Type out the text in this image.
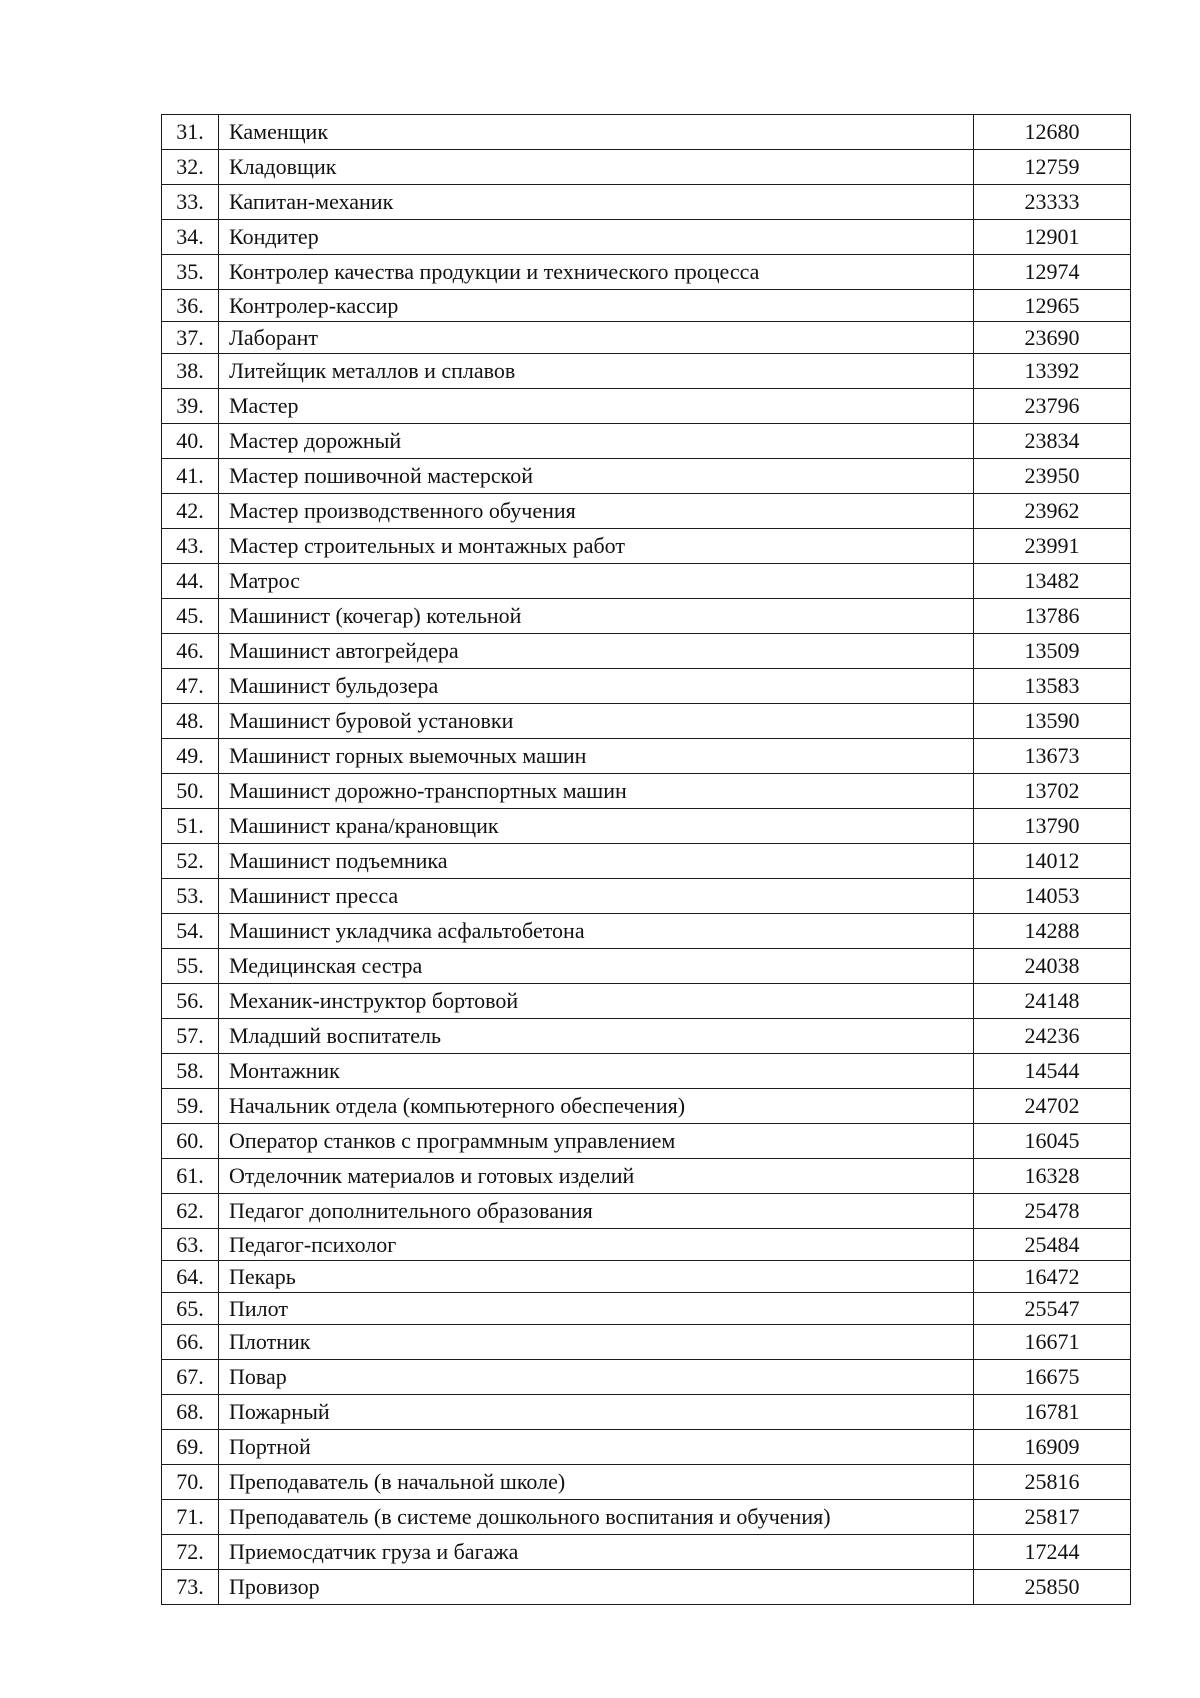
31.	Каменщик	12680
32.	Кладовщик	12759
33.	Капитан-механик	23333
34.	Кондитер	12901
35.	Контролер качества продукции и технического процесса	12974
36.	Контролер-кассир	12965
37.	Лаборант	23690
38.	Литейщик металлов и сплавов	13392
39.	Мастер	23796
40.	Мастер дорожный	23834
41.	Мастер пошивочной мастерской	23950
42.	Мастер производственного обучения	23962
43.	Мастер строительных и монтажных работ	23991
44.	Матрос	13482
45.	Машинист (кочегар) котельной	13786
46.	Машинист автогрейдера	13509
47.	Машинист бульдозера	13583
48.	Машинист буровой установки	13590
49.	Машинист горных выемочных машин	13673
50.	Машинист дорожно-транспортных машин	13702
51.	Машинист крана/крановщик	13790
52.	Машинист подъемника	14012
53.	Машинист пресса	14053
54.	Машинист укладчика асфальтобетона	14288
55.	Медицинская сестра	24038
56.	Механик-инструктор бортовой	24148
57.	Младший воспитатель	24236
58.	Монтажник	14544
59.	Начальник отдела (компьютерного обеспечения)	24702
60.	Оператор станков с программным управлением	16045
61.	Отделочник материалов и готовых изделий	16328
62.	Педагог дополнительного образования	25478
63.	Педагог-психолог	25484
64.	Пекарь	16472
65.	Пилот	25547
66.	Плотник	16671
67.	Повар	16675
68.	Пожарный	16781
69.	Портной	16909
70.	Преподаватель (в начальной школе)	25816
71.	Преподаватель (в системе дошкольного воспитания и обучения)	25817
72.	Приемосдатчик груза и багажа	17244
73.	Провизор	25850
